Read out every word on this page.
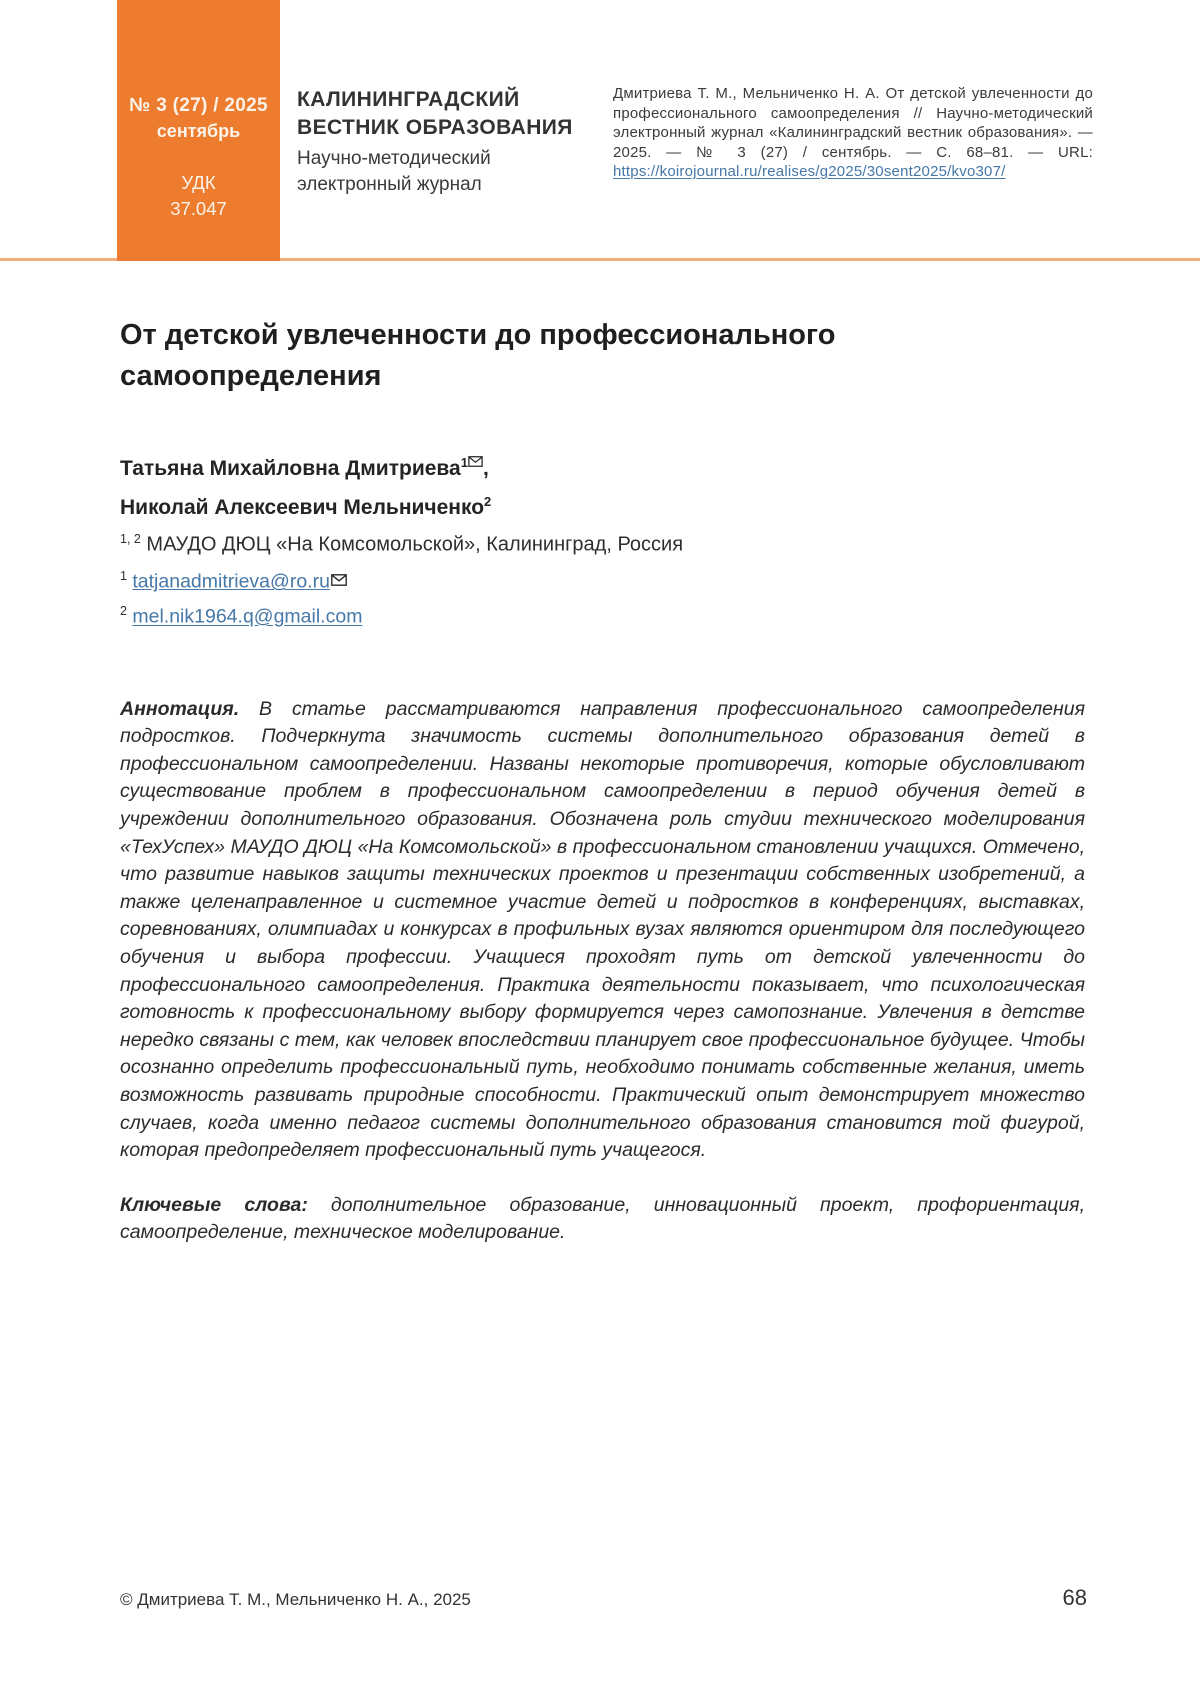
№ 3 (27) / 2025
сентябрь
УДК
37.047
КАЛИНИНГРАДСКИЙ
ВЕСТНИК ОБРАЗОВАНИЯ
Научно-методический
электронный журнал
Дмитриева Т. М., Мельниченко Н. А. От детской увлеченности до профессионального самоопределения // Научно-методический электронный журнал «Калининградский вестник образования». — 2025. — № 3 (27) / сентябрь. — С. 68–81. — URL: https://koirojournal.ru/realises/g2025/30sent2025/kvo307/
От детской увлеченности до профессионального самоопределения
Татьяна Михайловна Дмитриева$^1$ ,
Николай Алексеевич Мельниченко$^2$
$^{1, 2}$ МАУДО ДЮЦ «На Комсомольской», Калининград, Россия
$^1$ tatjanadmitrieva@ro.ru
$^2$ mel.nik1964.q@gmail.com

Аннотация. В статье рассматриваются направления профессионального самоопределения подростков. Подчеркнута значимость системы дополнительного образования детей в профессиональном самоопределении. Названы некоторые противоречия, которые обусловливают существование проблем в профессиональном самоопределении в период обучения детей в учреждении дополнительного образования. Обозначена роль студии технического моделирования «ТехУспех» МАУДО ДЮЦ «На Комсомольской» в профессиональном становлении учащихся. Отмечено, что развитие навыков защиты технических проектов и презентации собственных изобретений, а также целенаправленное и системное участие детей и подростков в конференциях, выставках, соревнованиях, олимпиадах и конкурсах в профильных вузах являются ориентиром для последующего обучения и выбора профессии. Учащиеся проходят путь от детской увлеченности до профессионального самоопределения. Практика деятельности показывает, что психологическая готовность к профессиональному выбору формируется через самопознание. Увлечения в детстве нередко связаны с тем, как человек впоследствии планирует свое профессиональное будущее. Чтобы осознанно определить профессиональный путь, необходимо понимать собственные желания, иметь возможность развивать природные способности. Практический опыт демонстрирует множество случаев, когда именно педагог системы дополнительного образования становится той фигурой, которая предопределяет профессиональный путь учащегося.

Ключевые слова: дополнительное образование, инновационный проект, профориентация, самоопределение, техническое моделирование.

© Дмитриева Т. М., Мельниченко Н. А., 2025	68
